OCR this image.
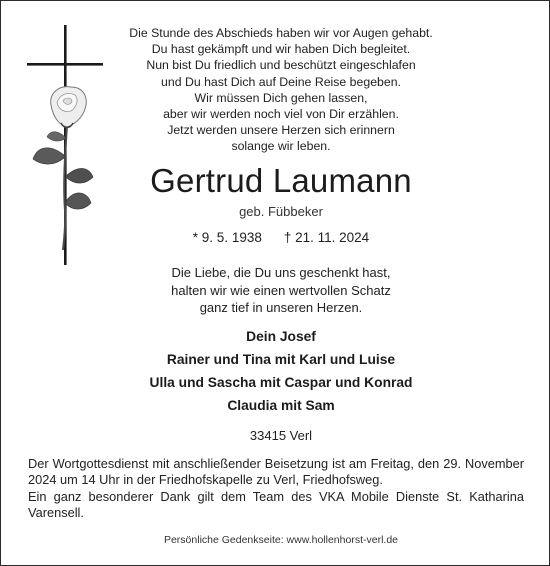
Die Stunde des Abschieds haben wir vor Augen gehabt.
Du hast gekämpft und wir haben Dich begleitet.
Nun bist Du friedlich und beschützt eingeschlafen
und Du hast Dich auf Deine Reise begeben.
Wir müssen Dich gehen lassen,
aber wir werden noch viel von Dir erzählen.
Jetzt werden unsere Herzen sich erinnern
solange wir leben.
Gertrud Laumann
geb. Fübbeker
* 9. 5. 1938 † 21. 11. 2024
Die Liebe, die Du uns geschenkt hast,
halten wir wie einen wertvollen Schatz
ganz tief in unseren Herzen.
Dein Josef
Rainer und Tina mit Karl und Luise
Ulla und Sascha mit Caspar und Konrad
Claudia mit Sam
33415 Verl

Der Wortgottesdienst mit anschließender Beisetzung ist am Freitag, den 29. November 2024 um 14 Uhr in der Friedhofskapelle zu Verl, Friedhofsweg.

Ein ganz besonderer Dank gilt dem Team des VKA Mobile Dienste St. Katharina Varensell.

Persönliche Gedenkseite: www.hollenhorst-verl.de
